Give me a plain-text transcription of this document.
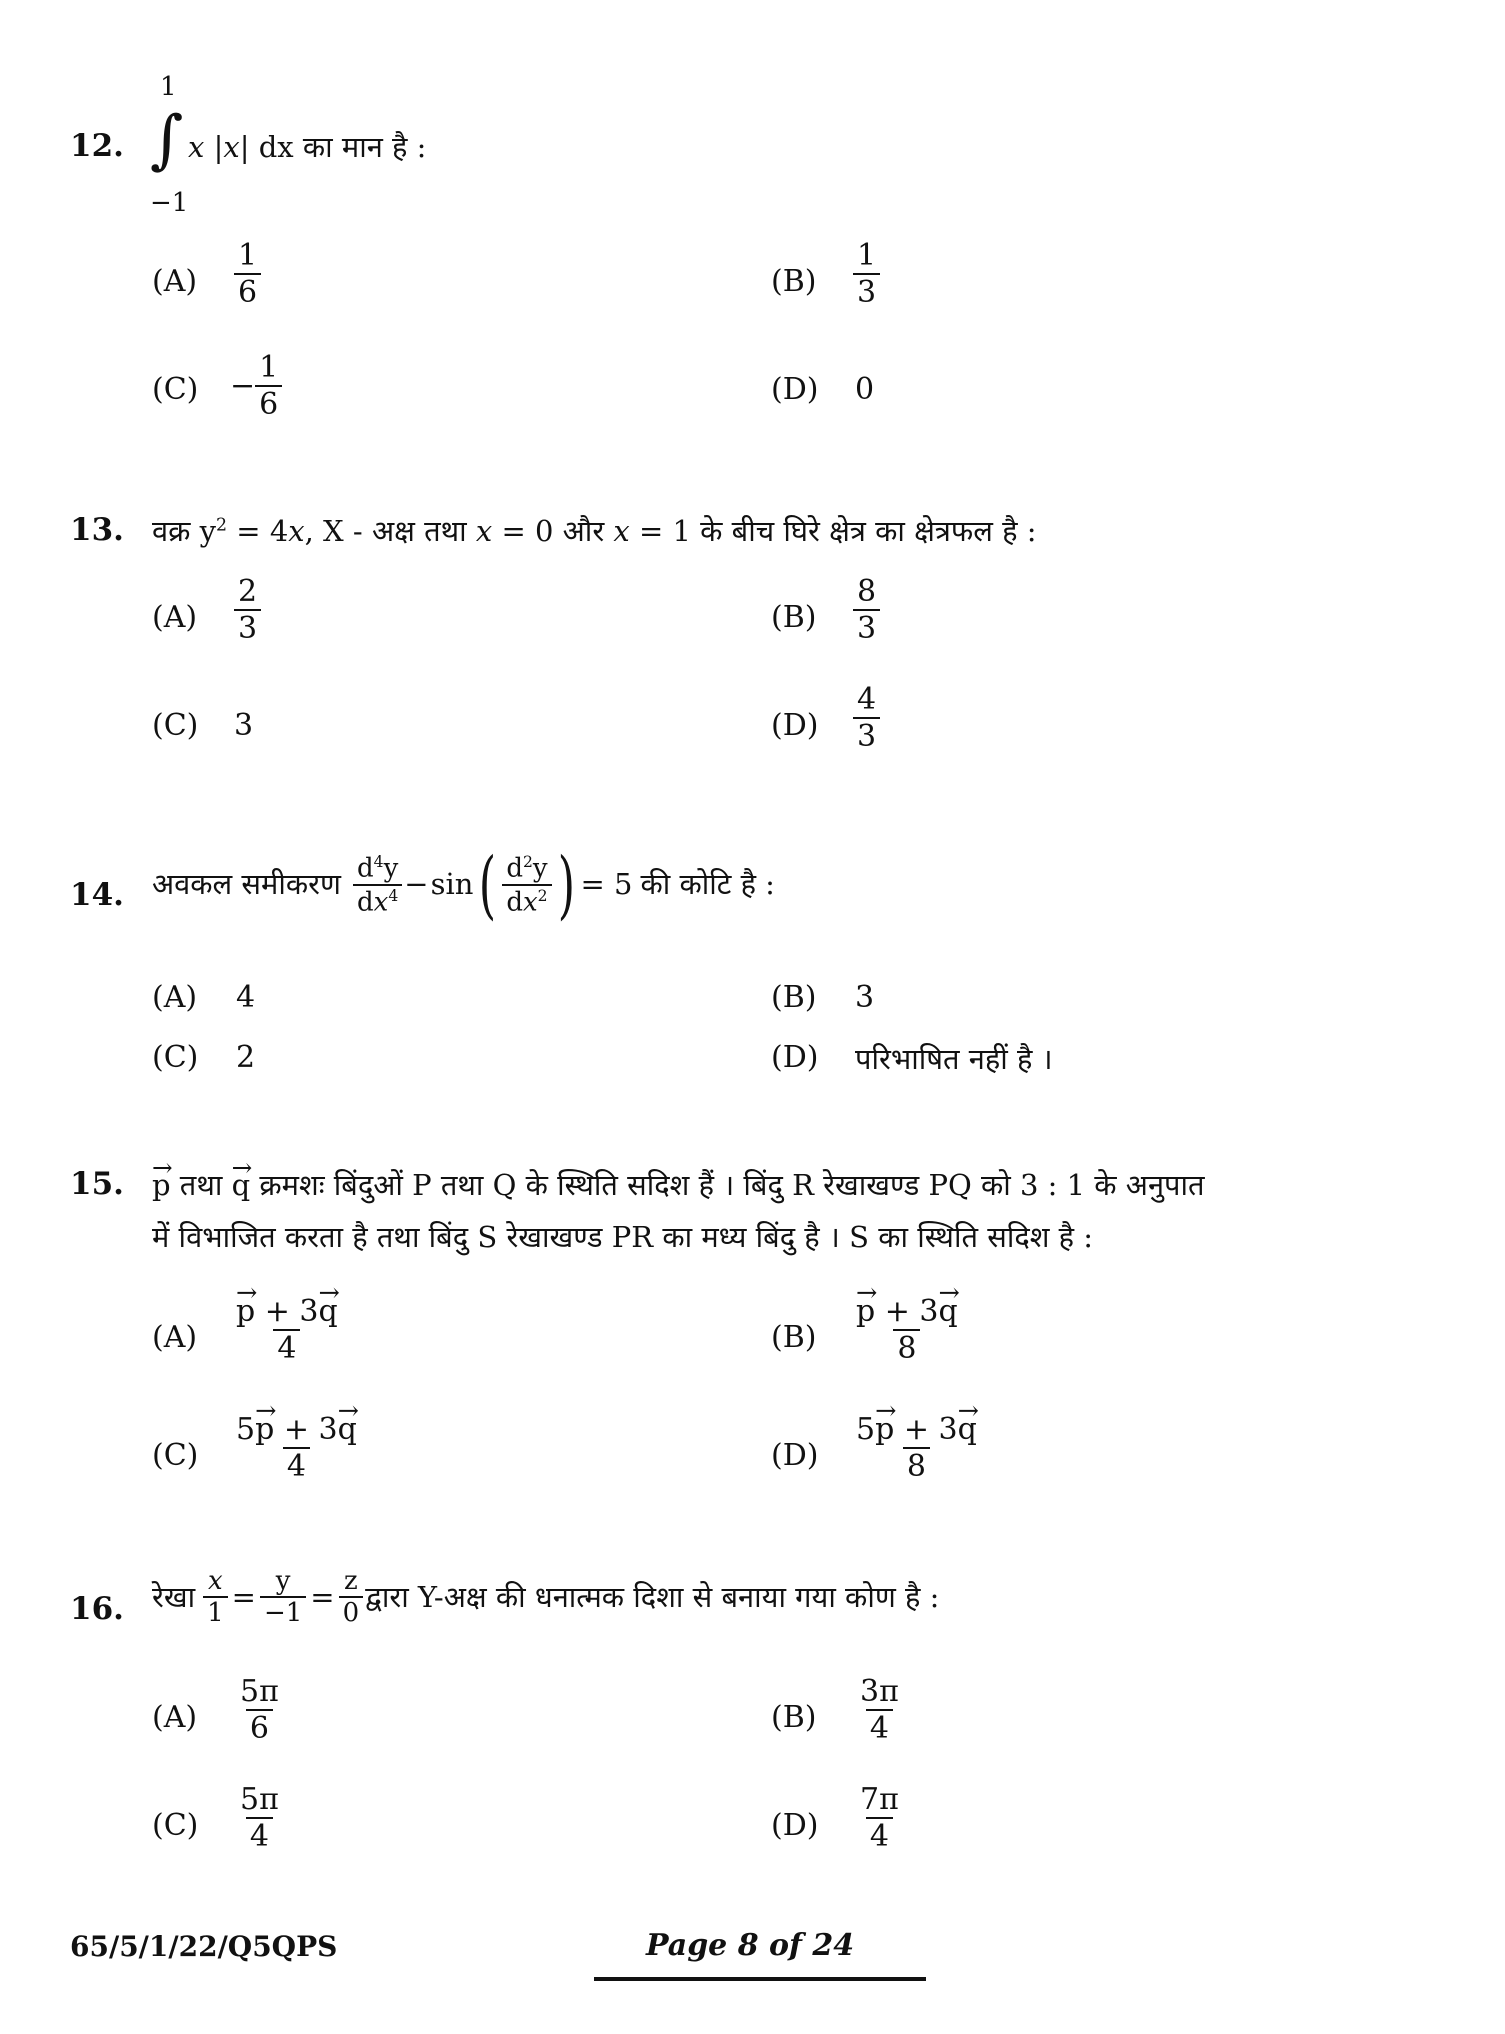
12.
1
∫
−1
x |x| dx का मान है :
$(A) \frac{1}{6}$	$(B) \frac{1}{3}$
$(C) - \frac{1}{6}$	(D) 0
13. वक्र $y^2 = 4x$, X - अक्ष तथा x = 0 और x = 1 के बीच घिरे क्षेत्र का क्षेत्रफल है :
$(A) \frac{2}{3}$	$(B) \frac{8}{3}$
(C) 3	$(D) \frac{4}{3}$
14. अवकल समीकरण $\frac{d^4y}{dx^4} - \sin$ ( $\frac{d^2y}{dx^2}$ ) = 5 की कोटि है :
(A) 4	(B) 3
(C) 2	(D) परिभाषित नहीं है ।
15. → p तथा → q क्रमशः बिंदुओं P तथा Q के स्थिति सदिश हैं । बिंदु R रेखाखण्ड PQ को 3 : 1 के अनुपात
में विभाजित करता है तथा बिंदु S रेखाखण्ड PR का मध्य बिंदु है । S का स्थिति सदिश है :
$(A) \to \frac{p + 3\to q}{4}$	$(B) \to \frac{p + 3\to q}{8}$
$(C) \frac{5\to p + 3\to q}{4}$	$(D) \frac{5\to p + 3\to q}{8}$
16. रेखा $\frac{x}{1} = \frac{y}{-1} = \frac{z}{0}$ द्वारा Y-अक्ष की धनात्मक दिशा से बनाया गया कोण है :
$(A) \frac{5\pi}{6}$	$(B) \frac{3\pi}{4}$
$(C) \frac{5\pi}{4}$	$(D) \frac{7\pi}{4}$
65/5/1/22/Q5QPS	Page 8 of 24
